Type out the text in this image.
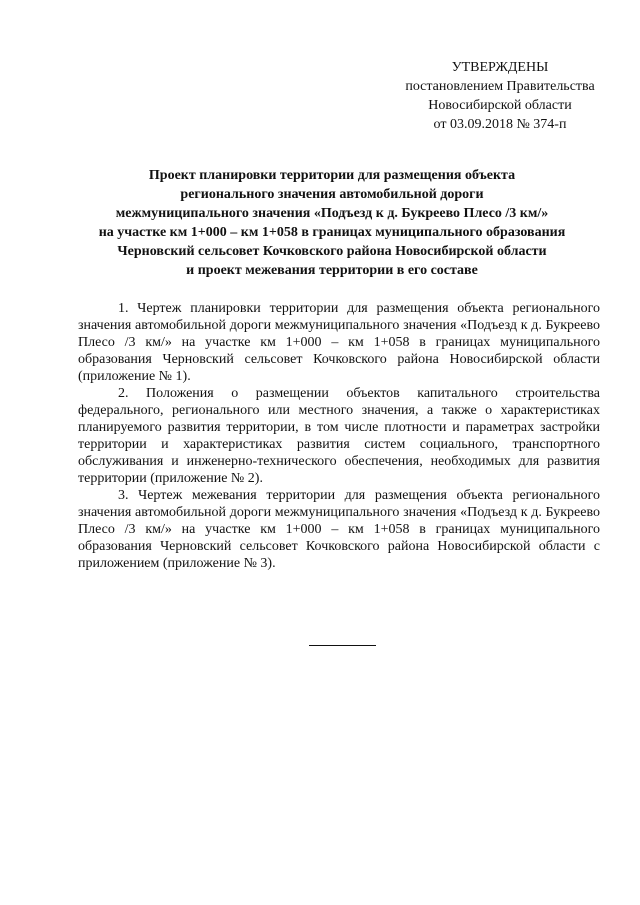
УТВЕРЖДЕНЫ
постановлением Правительства
Новосибирской области
от 03.09.2018 № 374-п
Проект планировки территории для размещения объекта
регионального значения автомобильной дороги
межмуниципального значения «Подъезд к д. Букреево Плесо /3 км/»
на участке км 1+000 – км 1+058 в границах муниципального образования
Черновский сельсовет Кочковского района Новосибирской области
и проект межевания территории в его составе

1. Чертеж планировки территории для размещения объекта регионального значения автомобильной дороги межмуниципального значения «Подъезд к д. Букреево Плесо /3 км/» на участке км 1+000 – км 1+058 в границах муниципального образования Черновский сельсовет Кочковского района Новосибирской области (приложение № 1).

2. Положения о размещении объектов капитального строительства федерального, регионального или местного значения, а также о характеристиках планируемого развития территории, в том числе плотности и параметрах застройки территории и характеристиках развития систем социального, транспортного обслуживания и инженерно-технического обеспечения, необходимых для развития территории (приложение № 2).

3. Чертеж межевания территории для размещения объекта регионального значения автомобильной дороги межмуниципального значения «Подъезд к д. Букреево Плесо /3 км/» на участке км 1+000 – км 1+058 в границах муниципального образования Черновский сельсовет Кочковского района Новосибирской области с приложением (приложение № 3).
